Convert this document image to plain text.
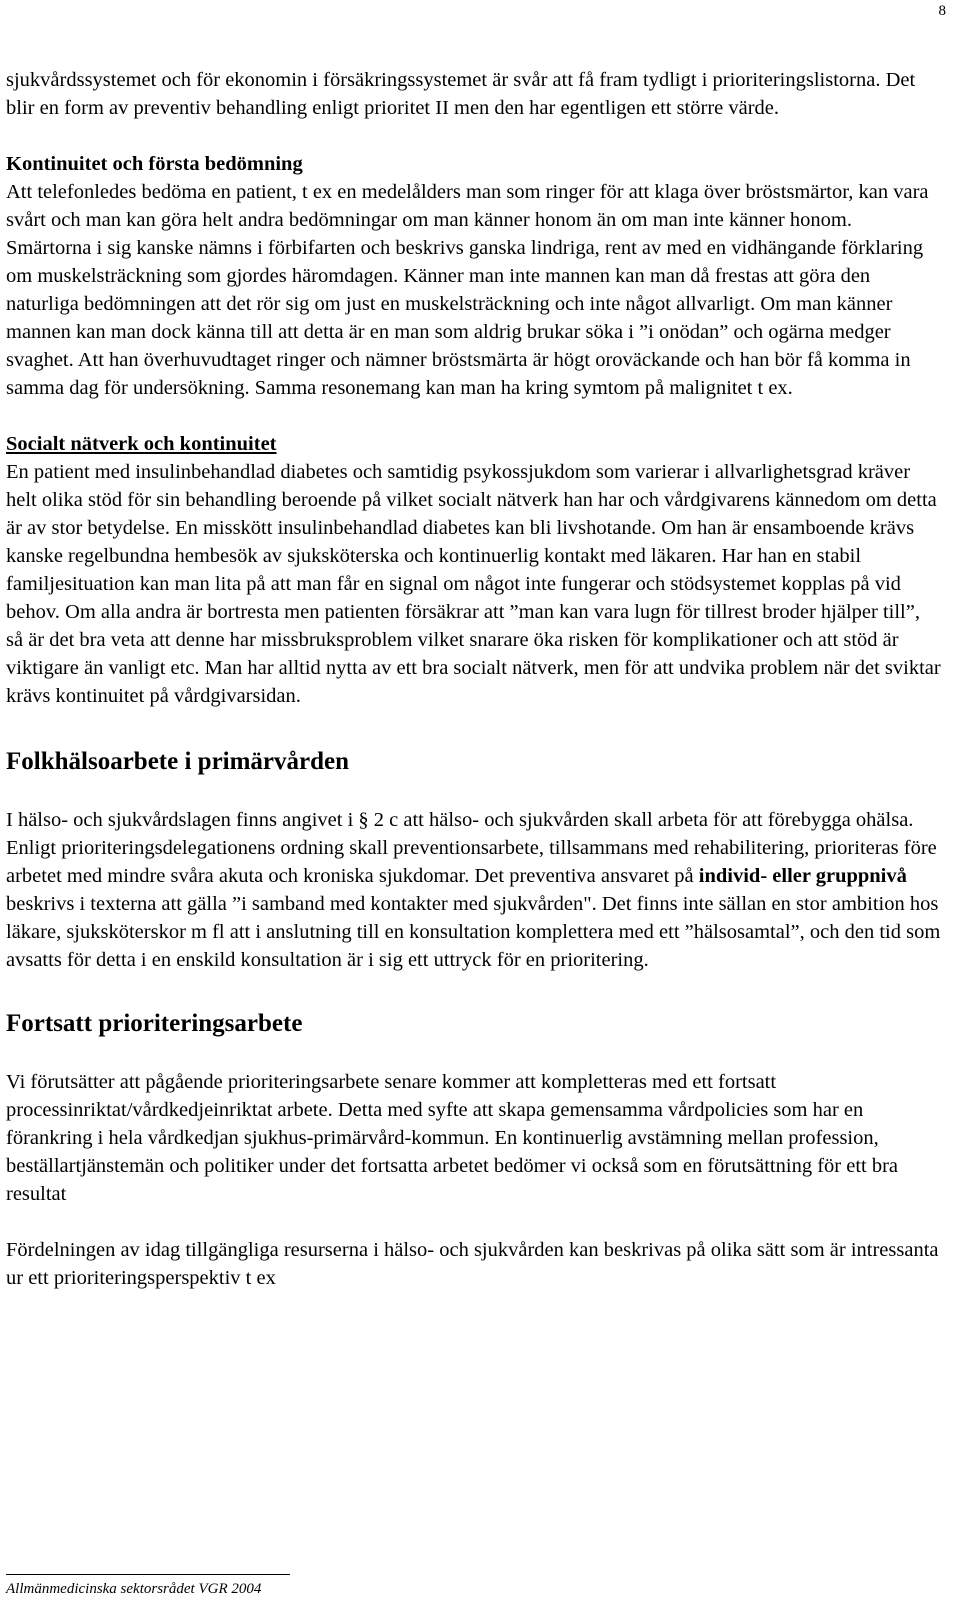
8

sjukvårdssystemet och för ekonomin i försäkringssystemet är svår att få fram tydligt i prioriteringslistorna. Det blir en form av preventiv behandling enligt prioritet II men den har egentligen ett större värde.

Kontinuitet och första bedömning

Att telefonledes bedöma en patient, t ex en medelålders man som ringer för att klaga över bröstsmärtor, kan vara svårt och man kan göra helt andra bedömningar om man känner honom än om man inte känner honom. Smärtorna i sig kanske nämns i förbifarten och beskrivs ganska lindriga, rent av med en vidhängande förklaring om muskelsträckning som gjordes häromdagen. Känner man inte mannen kan man då frestas att göra den naturliga bedömningen att det rör sig om just en muskelsträckning och inte något allvarligt. Om man känner mannen kan man dock känna till att detta är en man som aldrig brukar söka i ”i onödan” och ogärna medger svaghet. Att han överhuvudtaget ringer och nämner bröstsmärta är högt oroväckande och han bör få komma in samma dag för undersökning. Samma resonemang kan man ha kring symtom på malignitet t ex.

Socialt nätverk och kontinuitet

En patient med insulinbehandlad diabetes och samtidig psykossjukdom som varierar i allvarlighetsgrad kräver helt olika stöd för sin behandling beroende på vilket socialt nätverk han har och vårdgivarens kännedom om detta är av stor betydelse. En misskött insulinbehandlad diabetes kan bli livshotande. Om han är ensamboende krävs kanske regelbundna hembesök av sjuksköterska och kontinuerlig kontakt med läkaren. Har han en stabil familjesituation kan man lita på att man får en signal om något inte fungerar och stödsystemet kopplas på vid behov. Om alla andra är bortresta men patienten försäkrar att ”man kan vara lugn för tillrest broder hjälper till”, så är det bra veta att denne har missbruksproblem vilket snarare öka risken för komplikationer och att stöd är viktigare än vanligt etc. Man har alltid nytta av ett bra socialt nätverk, men för att undvika problem när det sviktar krävs kontinuitet på vårdgivarsidan.

Folkhälsoarbete i primärvården

I hälso- och sjukvårdslagen finns angivet i § 2 c att hälso- och sjukvården skall arbeta för att förebygga ohälsa. Enligt prioriteringsdelegationens ordning skall preventionsarbete, tillsammans med rehabilitering, prioriteras före arbetet med mindre svåra akuta och kroniska sjukdomar. Det preventiva ansvaret på individ- eller gruppnivå beskrivs i texterna att gälla ”i samband med kontakter med sjukvården". Det finns inte sällan en stor ambition hos läkare, sjuksköterskor m fl att i anslutning till en konsultation komplettera med ett ”hälsosamtal”, och den tid som avsatts för detta i en enskild konsultation är i sig ett uttryck för en prioritering.

Fortsatt prioriteringsarbete

Vi förutsätter att pågående prioriteringsarbete senare kommer att kompletteras med ett fortsatt processinriktat/vårdkedjeinriktat arbete. Detta med syfte att skapa gemensamma vårdpolicies som har en förankring i hela vårdkedjan sjukhus-primärvård-kommun. En kontinuerlig avstämning mellan profession, beställartjänstemän och politiker under det fortsatta arbetet bedömer vi också som en förutsättning för ett bra resultat

Fördelningen av idag tillgängliga resurserna i hälso- och sjukvården kan beskrivas på olika sätt som är intressanta ur ett prioriteringsperspektiv t ex

Allmänmedicinska sektorsrådet VGR 2004
